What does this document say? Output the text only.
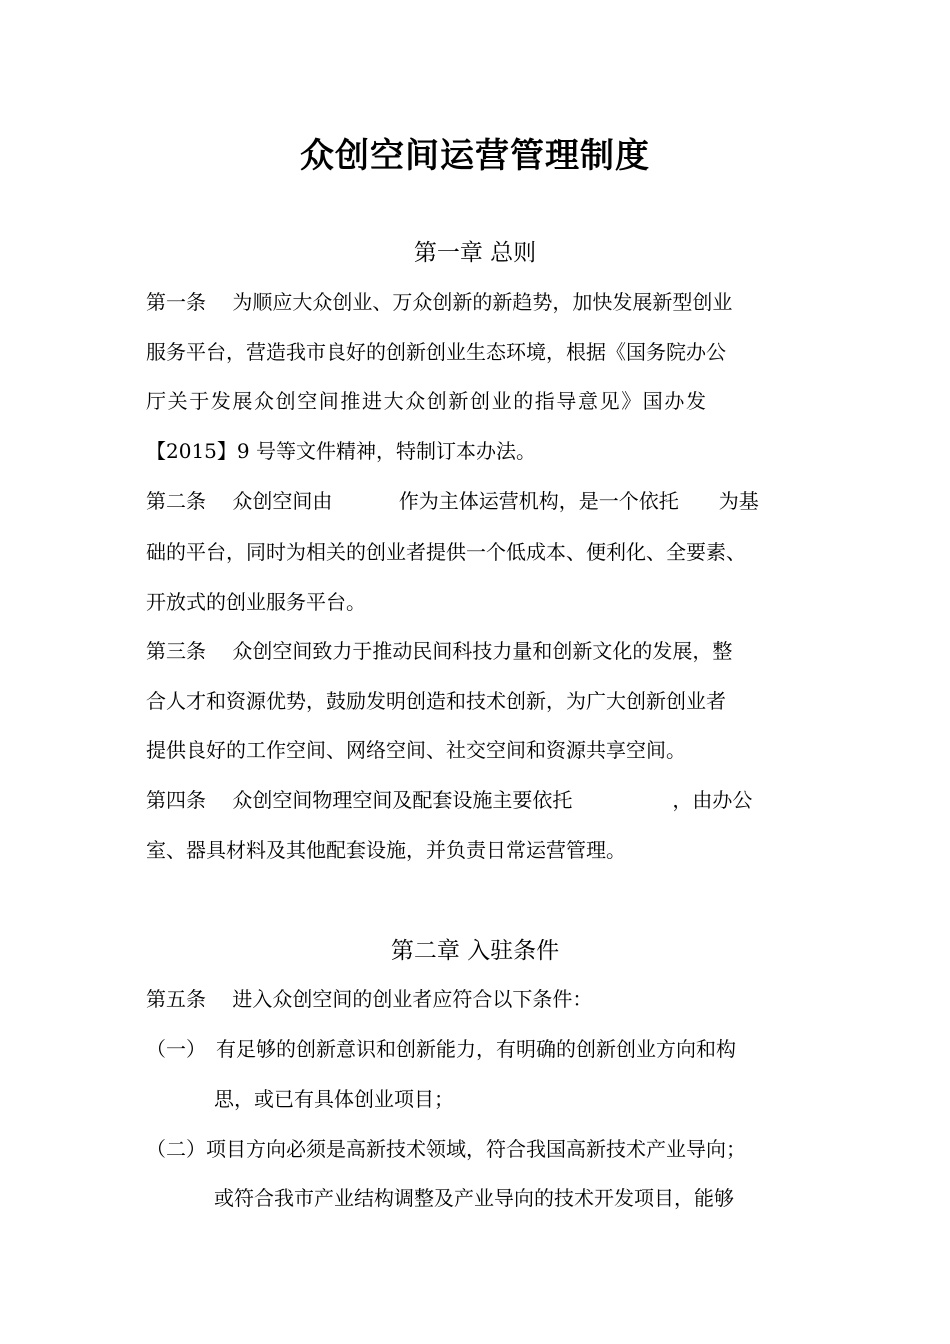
众创空间运营管理制度
第一章 总则
第一条　 为顺应大众创业、万众创新的新趋势，加快发展新型创业
服务平台，营造我市良好的创新创业生态环境，根据《国务院办公
厅关于发展众创空间推进大众创新创业的指导意见》国办发
【2015】9 号等文件精神，特制订本办法。
第二条　 众创空间由　　　 作为主体运营机构，是一个依托　　为基
础的平台，同时为相关的创业者提供一个低成本、便利化、全要素、
开放式的创业服务平台。
第三条　 众创空间致力于推动民间科技力量和创新文化的发展，整
合人才和资源优势，鼓励发明创造和技术创新，为广大创新创业者
提供良好的工作空间、网络空间、社交空间和资源共享空间。
第四条　 众创空间物理空间及配套设施主要依托　　　　　，由办公
室、器具材料及其他配套设施，并负责日常运营管理。
第二章 入驻条件
第五条　 进入众创空间的创业者应符合以下条件：
（一）　有足够的创新意识和创新能力，有明确的创新创业方向和构
思，或已有具体创业项目；
（二）项目方向必须是高新技术领域，符合我国高新技术产业导向；
或符合我市产业结构调整及产业导向的技术开发项目，能够
